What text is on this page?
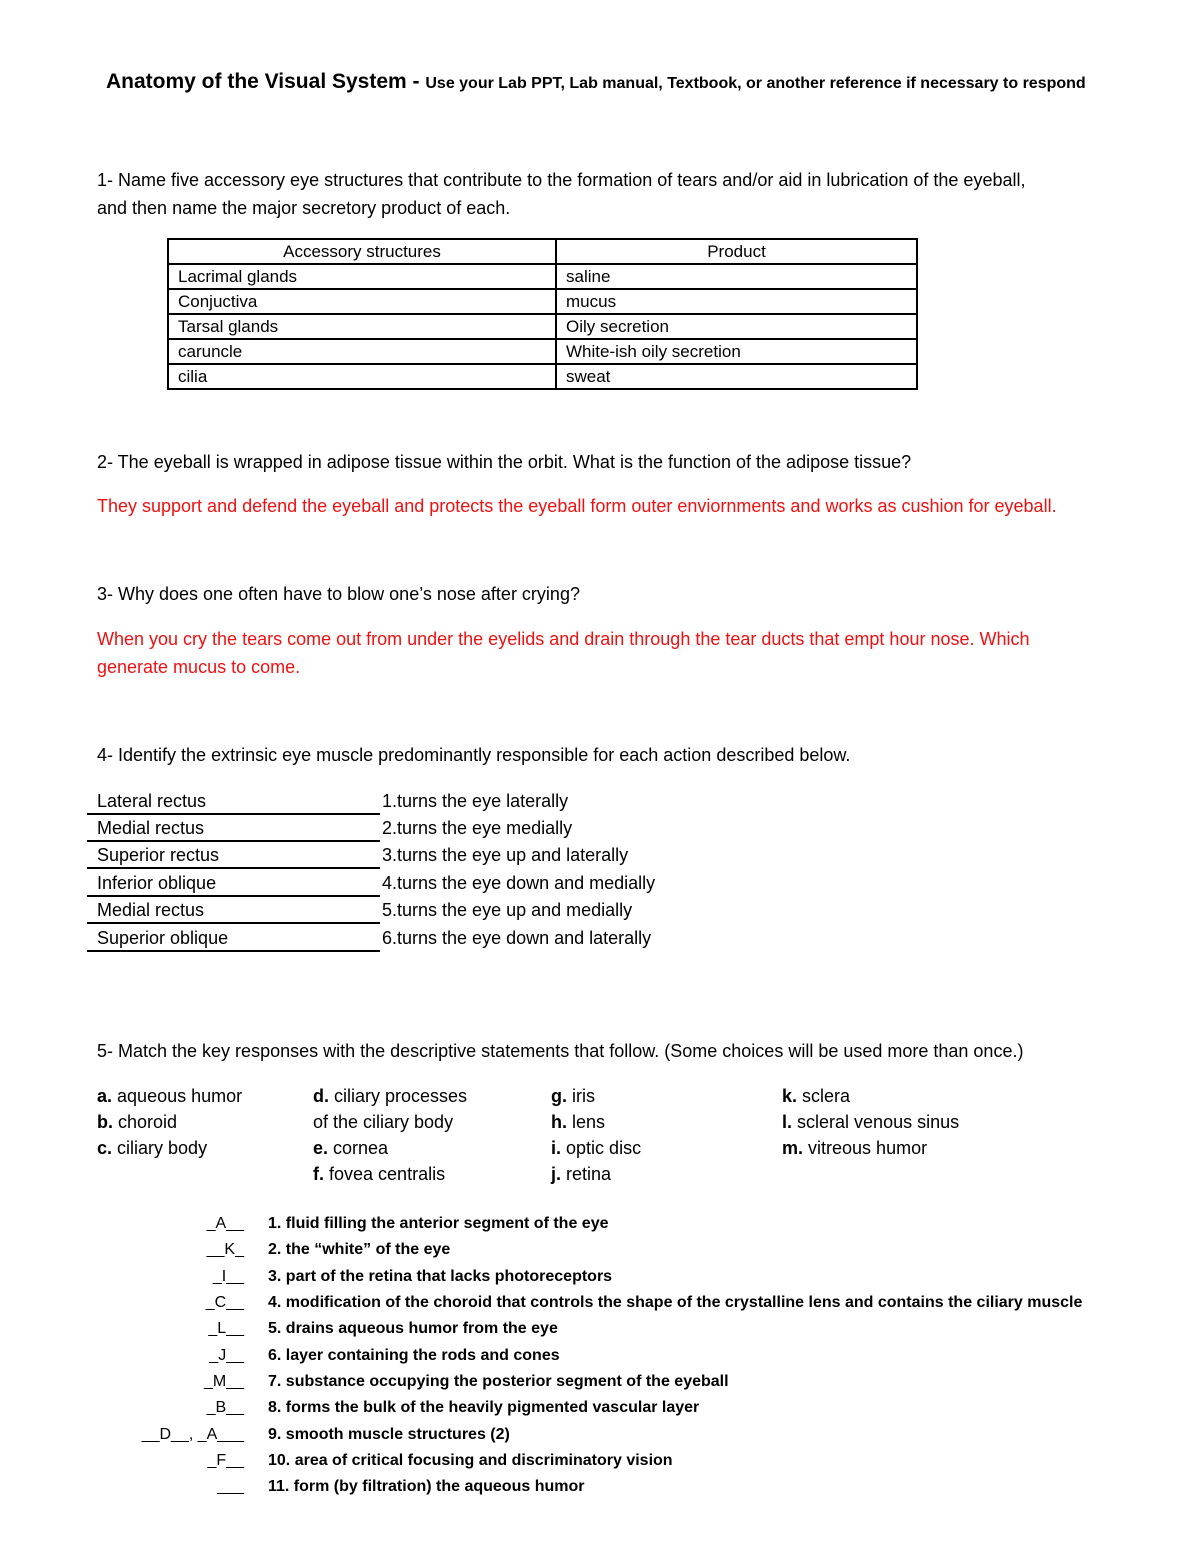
Anatomy of the Visual System - Use your Lab PPT, Lab manual, Textbook, or another reference if necessary to respond
1- Name five accessory eye structures that contribute to the formation of tears and/or aid in lubrication of the eyeball,
and then name the major secretory product of each.
Accessory structures	Product
Lacrimal glands	saline
Conjuctiva	mucus
Tarsal glands	Oily secretion
caruncle	White-ish oily secretion
cilia	sweat
2- The eyeball is wrapped in adipose tissue within the orbit. What is the function of the adipose tissue?
They support and defend the eyeball and protects the eyeball form outer enviornments and works as cushion for eyeball.
3- Why does one often have to blow one’s nose after crying?
When you cry the tears come out from under the eyelids and drain through the tear ducts that empt hour nose. Which
generate mucus to come.
4- Identify the extrinsic eye muscle predominantly responsible for each action described below.
Lateral rectus	1.turns the eye laterally
Medial rectus	2.turns the eye medially
Superior rectus	3.turns the eye up and laterally
Inferior oblique	4.turns the eye down and medially
Medial rectus	5.turns the eye up and medially
Superior oblique	6.turns the eye down and laterally
5- Match the key responses with the descriptive statements that follow. (Some choices will be used more than once.)
a. aqueous humor
b. choroid
c. ciliary body
d. ciliary processes
of the ciliary body
e. cornea
f. fovea centralis
g. iris
h. lens
i. optic disc
j. retina
k. sclera
l. scleral venous sinus
m. vitreous humor
_A__ 1. fluid filling the anterior segment of the eye
__K_ 2. the “white” of the eye
_I__ 3. part of the retina that lacks photoreceptors
_C__ 4. modification of the choroid that controls the shape of the crystalline lens and contains the ciliary muscle
_L__ 5. drains aqueous humor from the eye
_J__ 6. layer containing the rods and cones
_M__ 7. substance occupying the posterior segment of the eyeball
_B__ 8. forms the bulk of the heavily pigmented vascular layer
__D__, _A___ 9. smooth muscle structures (2)
_F__ 10. area of critical focusing and discriminatory vision
___ 11. form (by filtration) the aqueous humor
